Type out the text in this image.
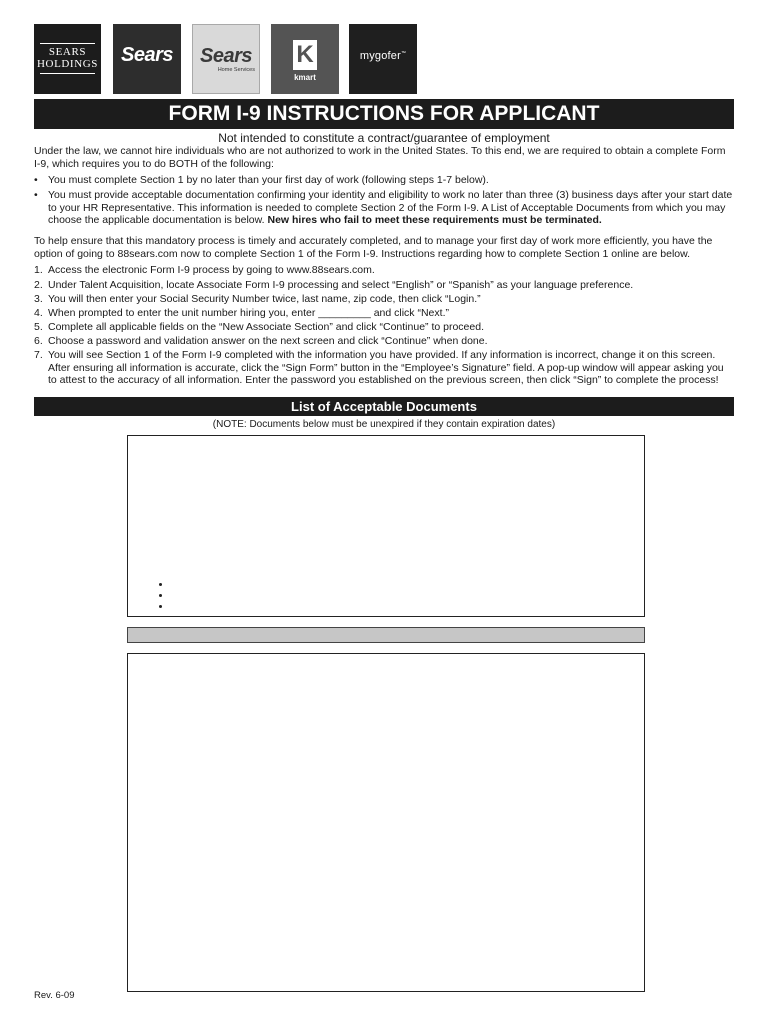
SEARS
HOLDINGS	Sears	Sears
Home Services
K
kmart
mygofer™
FORM I-9 INSTRUCTIONS FOR APPLICANT
Not intended to constitute a contract/guarantee of employment
Under the law, we cannot hire individuals who are not authorized to work in the United States. To this end, we are required to obtain a complete Form I-9, which requires you to do BOTH of the following:
• You must complete Section 1 by no later than your first day of work (following steps 1-7 below).
• You must provide acceptable documentation confirming your identity and eligibility to work no later than three (3) business days after your start date to your HR Representative. This information is needed to complete Section 2 of the Form I-9. A List of Acceptable Documents from which you may choose the applicable documentation is below. New hires who fail to meet these requirements must be terminated.
To help ensure that this mandatory process is timely and accurately completed, and to manage your first day of work more efficiently, you have the option of going to 88sears.com now to complete Section 1 of the Form I-9. Instructions regarding how to complete Section 1 online are below.
1. Access the electronic Form I-9 process by going to www.88sears.com.
2. Under Talent Acquisition, locate Associate Form I-9 processing and select “English” or “Spanish” as your language preference.
3. You will then enter your Social Security Number twice, last name, zip code, then click “Login.”
4. When prompted to enter the unit number hiring you, enter _________ and click “Next.”
5. Complete all applicable fields on the “New Associate Section” and click “Continue” to proceed.
6. Choose a password and validation answer on the next screen and click “Continue” when done.
7. You will see Section 1 of the Form I-9 completed with the information you have provided. If any information is incorrect, change it on this screen. After ensuring all information is accurate, click the “Sign Form” button in the “Employee’s Signature” field. A pop-up window will appear asking you to attest to the accuracy of all information. Enter the password you established on the previous screen, then click “Sign” to complete the process!
List of Acceptable Documents
(NOTE: Documents below must be unexpired if they contain expiration dates)
Rev. 6-09
